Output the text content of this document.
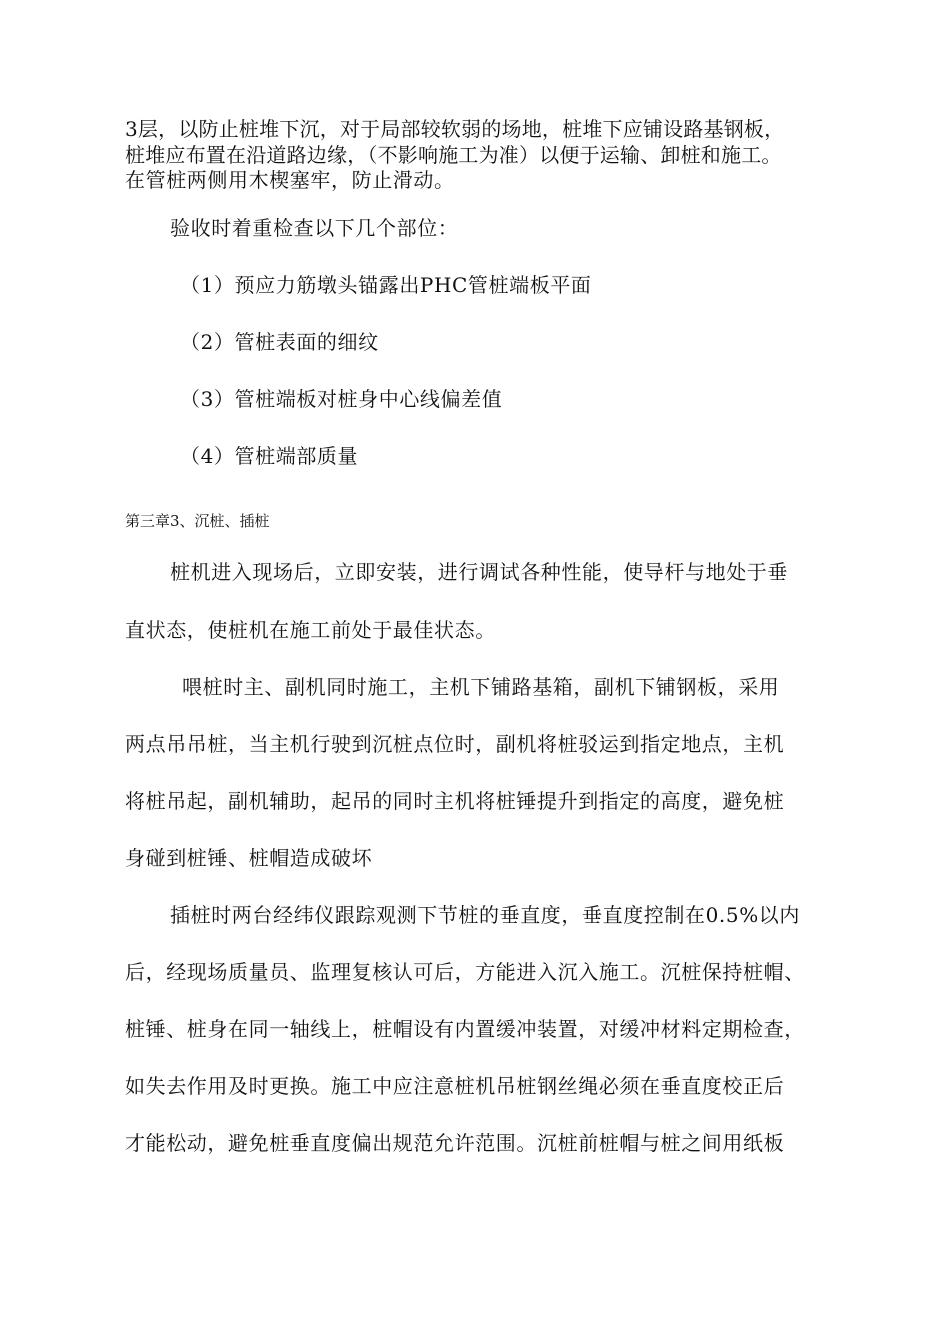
3层，以防止桩堆下沉，对于局部较软弱的场地，桩堆下应铺设路基钢板，
桩堆应布置在沿道路边缘，（不影响施工为准）以便于运输、卸桩和施工。
在管桩两侧用木楔塞牢，防止滑动。
验收时着重检查以下几个部位：
（1）预应力筋墩头锚露出PHC管桩端板平面
（2）管桩表面的细纹
（3）管桩端板对桩身中心线偏差值
（4）管桩端部质量
第三章3、沉桩、插桩
桩机进入现场后，立即安装，进行调试各种性能，使导杆与地处于垂
直状态，使桩机在施工前处于最佳状态。
喂桩时主、副机同时施工，主机下铺路基箱，副机下铺钢板，采用
两点吊吊桩，当主机行驶到沉桩点位时，副机将桩驳运到指定地点，主机
将桩吊起，副机辅助，起吊的同时主机将桩锤提升到指定的高度，避免桩
身碰到桩锤、桩帽造成破坏
插桩时两台经纬仪跟踪观测下节桩的垂直度，垂直度控制在0.5%以内
后，经现场质量员、监理复核认可后，方能进入沉入施工。沉桩保持桩帽、
桩锤、桩身在同一轴线上，桩帽设有内置缓冲装置，对缓冲材料定期检查，
如失去作用及时更换。施工中应注意桩机吊桩钢丝绳必须在垂直度校正后
才能松动，避免桩垂直度偏出规范允许范围。沉桩前桩帽与桩之间用纸板
